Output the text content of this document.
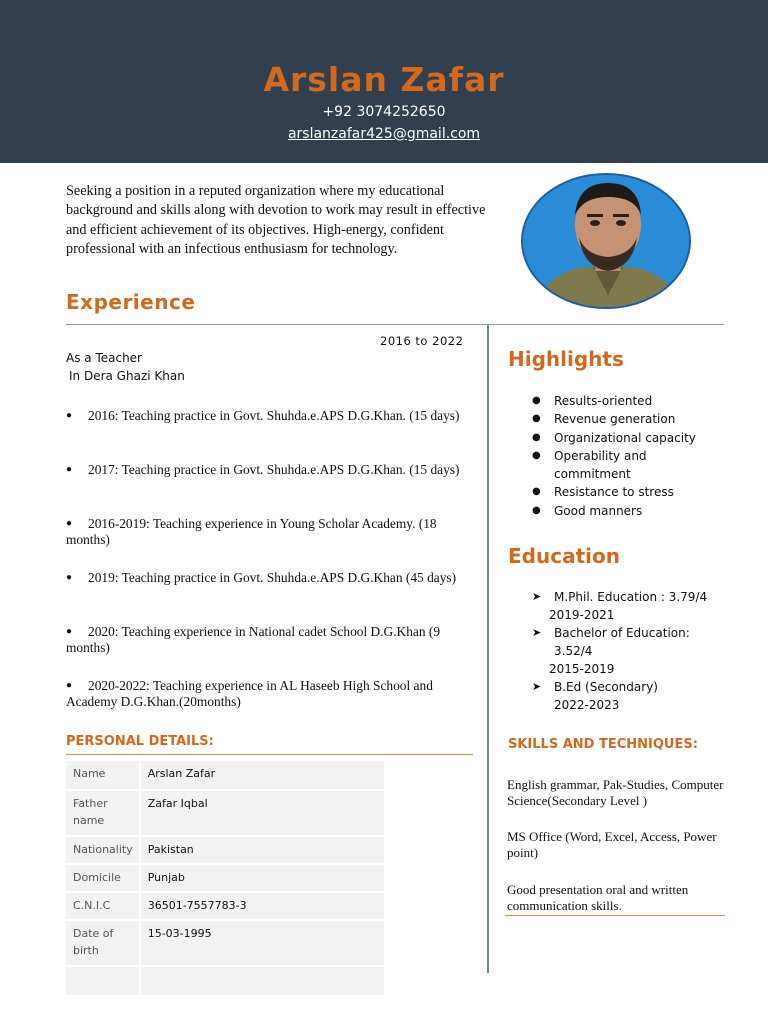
Arslan Zafar
+92 3074252650
arslanzafar425@gmail.com
Seeking a position in a reputed organization where my educational background and skills along with devotion to work may result in effective and efficient achievement of its objectives. High-energy, confident professional with an infectious enthusiasm for technology.
Experience
2016 to 2022
As a Teacher
In Dera Ghazi Khan
● 2016: Teaching practice in Govt. Shuhda.e.APS D.G.Khan. (15 days)
● 2017: Teaching practice in Govt. Shuhda.e.APS D.G.Khan. (15 days)
● 2016-2019: Teaching experience in Young Scholar Academy. (18 months)
● 2019: Teaching practice in Govt. Shuhda.e.APS D.G.Khan (45 days)
● 2020: Teaching experience in National cadet School D.G.Khan (9 months)
● 2020-2022: Teaching experience in AL Haseeb High School and Academy D.G.Khan.(20months)
Highlights
● Results-oriented
● Revenue generation
● Organizational capacity
● Operability and commitment
● Resistance to stress
● Good manners
Education
➤ M.Phil. Education : 3.79/4
2019-2021
➤ Bachelor of Education: 3.52/4
2015-2019
➤ B.Ed (Secondary)
2022-2023
PERSONAL DETAILS:
Name	Arslan Zafar
Father name	Zafar Iqbal
Nationality	Pakistan
Domicile	Punjab
C.N.I.C	36501-7557783-3
Date of birth	15-03-1995

SKILLS AND TECHNIQUES:
English grammar, Pak-Studies, Computer Science(Secondary Level )
MS Office (Word, Excel, Access, Power point)
Good presentation oral and written communication skills.
